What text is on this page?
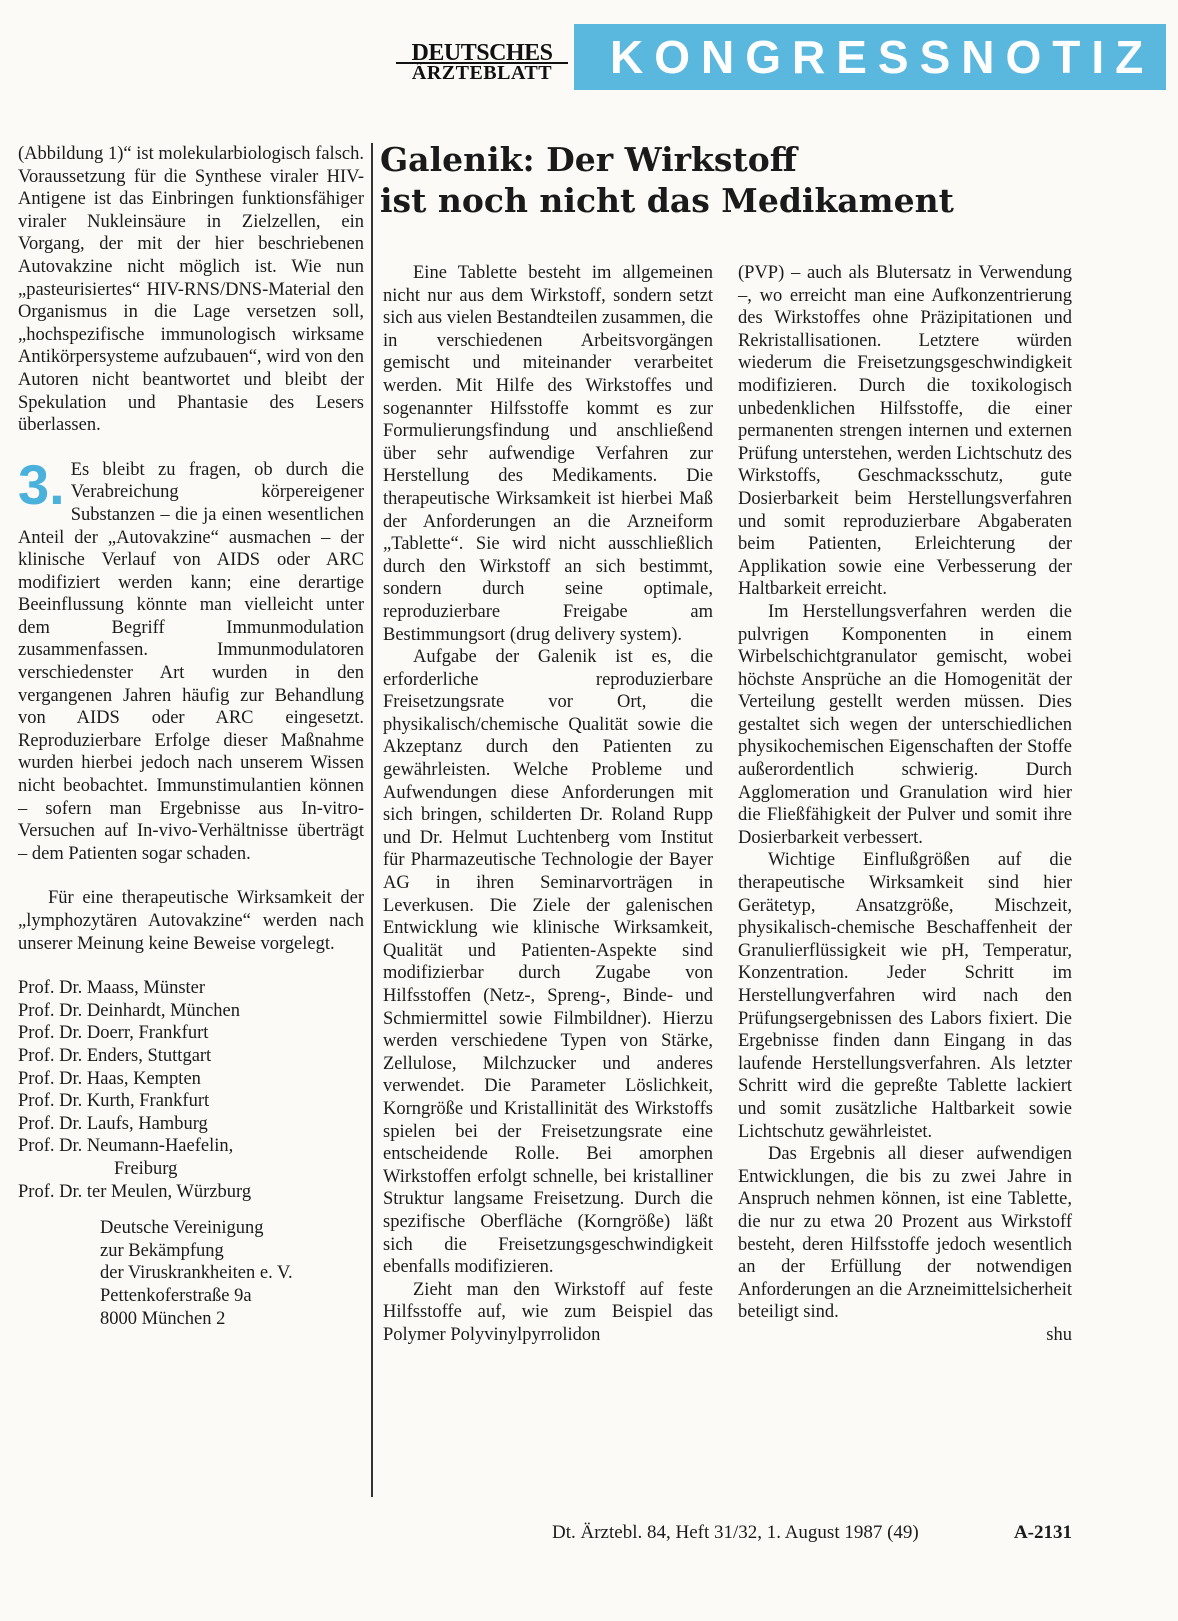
DEUTSCHES
ÄRZTEBLATT	KONGRESSNOTIZ

(Abbildung 1)“ ist molekularbiologisch falsch. Voraussetzung für die Synthese viraler HIV-Antigene ist das Einbringen funktionsfähiger viraler Nukleinsäure in Zielzellen, ein Vorgang, der mit der hier beschriebenen Autovakzine nicht möglich ist. Wie nun „pasteurisiertes“ HIV-RNS/DNS-Material den Organismus in die Lage versetzen soll, „hochspezifische immunologisch wirksame Antikörpersysteme aufzubauen“, wird von den Autoren nicht beantwortet und bleibt der Spekulation und Phantasie des Lesers überlassen.

3. Es bleibt zu fragen, ob durch die Verabreichung körpereigener Substanzen – die ja einen wesentlichen Anteil der „Autovakzine“ ausmachen – der klinische Verlauf von AIDS oder ARC modifiziert werden kann; eine derartige Beeinflussung könnte man vielleicht unter dem Begriff Immunmodulation zusammenfassen. Immunmodulatoren verschiedenster Art wurden in den vergangenen Jahren häufig zur Behandlung von AIDS oder ARC eingesetzt. Reproduzierbare Erfolge dieser Maßnahme wurden hierbei jedoch nach unserem Wissen nicht beobachtet. Immunstimulantien können – sofern man Ergebnisse aus In-vitro-Versuchen auf In-vivo-Verhältnisse überträgt – dem Patienten sogar schaden.

Für eine therapeutische Wirksamkeit der „lymphozytären Autovakzine“ werden nach unserer Meinung keine Beweise vorgelegt.

Prof. Dr. Maass, Münster
Prof. Dr. Deinhardt, München
Prof. Dr. Doerr, Frankfurt
Prof. Dr. Enders, Stuttgart
Prof. Dr. Haas, Kempten
Prof. Dr. Kurth, Frankfurt
Prof. Dr. Laufs, Hamburg
Prof. Dr. Neumann-Haefelin,
Freiburg
Prof. Dr. ter Meulen, Würzburg
Deutsche Vereinigung
zur Bekämpfung
der Viruskrankheiten e. V.
Pettenkoferstraße 9a
8000 München 2
Galenik: Der Wirkstoff
ist noch nicht das Medikament

Eine Tablette besteht im allgemeinen nicht nur aus dem Wirkstoff, sondern setzt sich aus vielen Bestandteilen zusammen, die in verschiedenen Arbeitsvorgängen gemischt und miteinander verarbeitet werden. Mit Hilfe des Wirkstoffes und sogenannter Hilfsstoffe kommt es zur Formulierungsfindung und anschließend über sehr aufwendige Verfahren zur Herstellung des Medikaments. Die therapeutische Wirksamkeit ist hierbei Maß der Anforderungen an die Arzneiform „Tablette“. Sie wird nicht ausschließlich durch den Wirkstoff an sich bestimmt, sondern durch seine optimale, reproduzierbare Freigabe am Bestimmungsort (drug delivery system).

Aufgabe der Galenik ist es, die erforderliche reproduzierbare Freisetzungsrate vor Ort, die physikalisch/chemische Qualität sowie die Akzeptanz durch den Patienten zu gewährleisten. Welche Probleme und Aufwendungen diese Anforderungen mit sich bringen, schilderten Dr. Roland Rupp und Dr. Helmut Luchtenberg vom Institut für Pharmazeutische Technologie der Bayer AG in ihren Seminarvorträgen in Leverkusen. Die Ziele der galenischen Entwicklung wie klinische Wirksamkeit, Qualität und Patienten-Aspekte sind modifizierbar durch Zugabe von Hilfsstoffen (Netz-, Spreng-, Binde- und Schmiermittel sowie Filmbildner). Hierzu werden verschiedene Typen von Stärke, Zellulose, Milchzucker und anderes verwendet. Die Parameter Löslichkeit, Korngröße und Kristallinität des Wirkstoffs spielen bei der Freisetzungsrate eine entscheidende Rolle. Bei amorphen Wirkstoffen erfolgt schnelle, bei kristalliner Struktur langsame Freisetzung. Durch die spezifische Oberfläche (Korngröße) läßt sich die Freisetzungsgeschwindigkeit ebenfalls modifizieren.

Zieht man den Wirkstoff auf feste Hilfsstoffe auf, wie zum Beispiel das Polymer Polyvinylpyrrolidon

(PVP) – auch als Blutersatz in Verwendung –, wo erreicht man eine Aufkonzentrierung des Wirkstoffes ohne Präzipitationen und Rekristallisationen. Letztere würden wiederum die Freisetzungsgeschwindigkeit modifizieren. Durch die toxikologisch unbedenklichen Hilfsstoffe, die einer permanenten strengen internen und externen Prüfung unterstehen, werden Lichtschutz des Wirkstoffs, Geschmacksschutz, gute Dosierbarkeit beim Herstellungsverfahren und somit reproduzierbare Abgaberaten beim Patienten, Erleichterung der Applikation sowie eine Verbesserung der Haltbarkeit erreicht.

Im Herstellungsverfahren werden die pulvrigen Komponenten in einem Wirbelschichtgranulator gemischt, wobei höchste Ansprüche an die Homogenität der Verteilung gestellt werden müssen. Dies gestaltet sich wegen der unterschiedlichen physikochemischen Eigenschaften der Stoffe außerordentlich schwierig. Durch Agglomeration und Granulation wird hier die Fließfähigkeit der Pulver und somit ihre Dosierbarkeit verbessert.

Wichtige Einflußgrößen auf die therapeutische Wirksamkeit sind hier Gerätetyp, Ansatzgröße, Mischzeit, physikalisch-chemische Beschaffenheit der Granulierflüssigkeit wie pH, Temperatur, Konzentration. Jeder Schritt im Herstellungverfahren wird nach den Prüfungsergebnissen des Labors fixiert. Die Ergebnisse finden dann Eingang in das laufende Herstellungsverfahren. Als letzter Schritt wird die gepreßte Tablette lackiert und somit zusätzliche Haltbarkeit sowie Lichtschutz gewährleistet.

Das Ergebnis all dieser aufwendigen Entwicklungen, die bis zu zwei Jahre in Anspruch nehmen können, ist eine Tablette, die nur zu etwa 20 Prozent aus Wirkstoff besteht, deren Hilfsstoffe jedoch wesentlich an der Erfüllung der notwendigen Anforderungen an die Arzneimittelsicherheit beteiligt sind.

shu
A-2131
Dt. Ärztebl. 84, Heft 31/32, 1. August 1987 (49)
